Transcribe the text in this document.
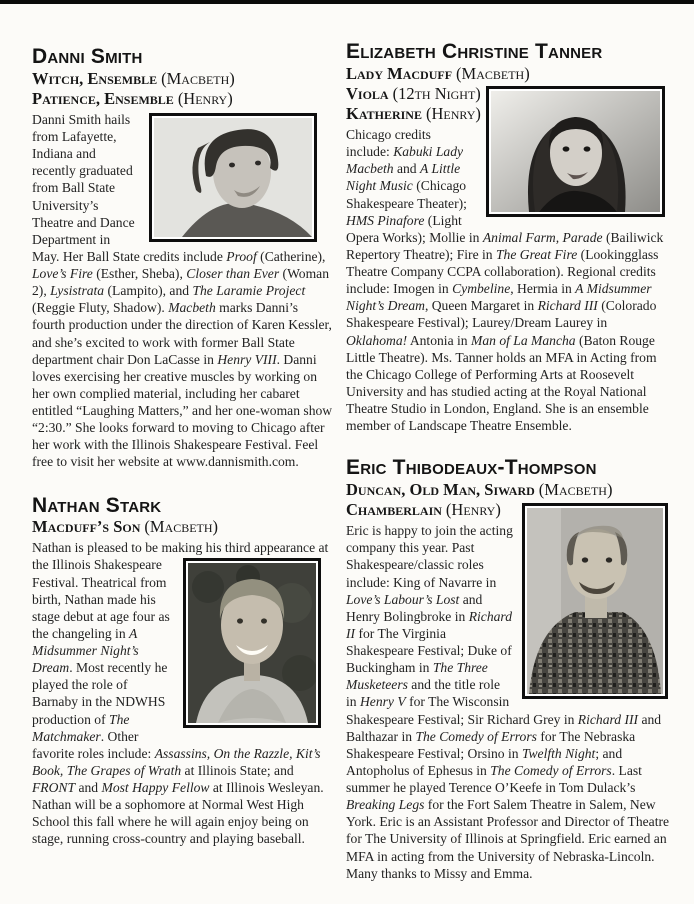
Danni Smith
Witch, Ensemble (Macbeth)
Patience, Ensemble (Henry)

Danni Smith hails from Lafayette, Indiana and recently graduated from Ball State University’s Theatre and Dance Department in May. Her Ball State credits include Proof (Catherine), Love’s Fire (Esther, Sheba), Closer than Ever (Woman 2), Lysistrata (Lampito), and The Laramie Project (Reggie Fluty, Shadow). Macbeth marks Danni’s fourth production under the direction of Karen Kessler, and she’s excited to work with former Ball State department chair Don LaCasse in Henry VIII. Danni loves exercising her creative muscles by working on her own complied material, including her cabaret entitled “Laughing Matters,” and her one-woman show “2:30.” She looks forward to moving to Chicago after her work with the Illinois Shakespeare Festival. Feel free to visit her website at www.dannismith.com.

Nathan Stark
Macduff’s Son (Macbeth)
Nathan is pleased to be making his third appearance at

the Illinois Shakespeare Festival. Theatrical from birth, Nathan made his stage debut at age four as the changeling in A Midsummer Night’s Dream. Most recently he played the role of Barnaby in the NDWHS production of The Matchmaker. Other favorite roles include: Assassins, On the Razzle, Kit’s Book, The Grapes of Wrath at Illinois State; and FRONT and Most Happy Fellow at Illinois Wesleyan. Nathan will be a sophomore at Normal West High School this fall where he will again enjoy being on stage, running cross-country and playing baseball.

Elizabeth Christine Tanner
Lady Macduff (Macbeth)
Viola (12th Night)
Katherine (Henry)

Chicago credits include: Kabuki Lady Macbeth and A Little Night Music (Chicago Shakespeare Theater); HMS Pinafore (Light Opera Works); Mollie in Animal Farm, Parade (Bailiwick Repertory Theatre); Fire in The Great Fire (Lookingglass Theatre Company CCPA collaboration). Regional credits include: Imogen in Cymbeline, Hermia in A Midsummer Night’s Dream, Queen Margaret in Richard III (Colorado Shakespeare Festival); Laurey/Dream Laurey in Oklahoma! Antonia in Man of La Mancha (Baton Rouge Little Theatre). Ms. Tanner holds an MFA in Acting from the Chicago College of Performing Arts at Roosevelt University and has studied acting at the Royal National Theatre Studio in London, England. She is an ensemble member of Landscape Theatre Ensemble.

Eric Thibodeaux-Thompson
Duncan, Old Man, Siward (Macbeth)
Chamberlain (Henry)

Eric is happy to join the acting company this year. Past Shakespeare/classic roles include: King of Navarre in Love’s Labour’s Lost and Henry Bolingbroke in Richard II for The Virginia Shakespeare Festival; Duke of Buckingham in The Three Musketeers and the title role in Henry V for The Wisconsin Shakespeare Festival; Sir Richard Grey in Richard III and Balthazar in The Comedy of Errors for The Nebraska Shakespeare Festival; Orsino in Twelfth Night; and Antopholus of Ephesus in The Comedy of Errors. Last summer he played Terence O’Keefe in Tom Dulack’s Breaking Legs for the Fort Salem Theatre in Salem, New York. Eric is an Assistant Professor and Director of Theatre for The University of Illinois at Springfield. Eric earned an MFA in acting from the University of Nebraska-Lincoln. Many thanks to Missy and Emma.
